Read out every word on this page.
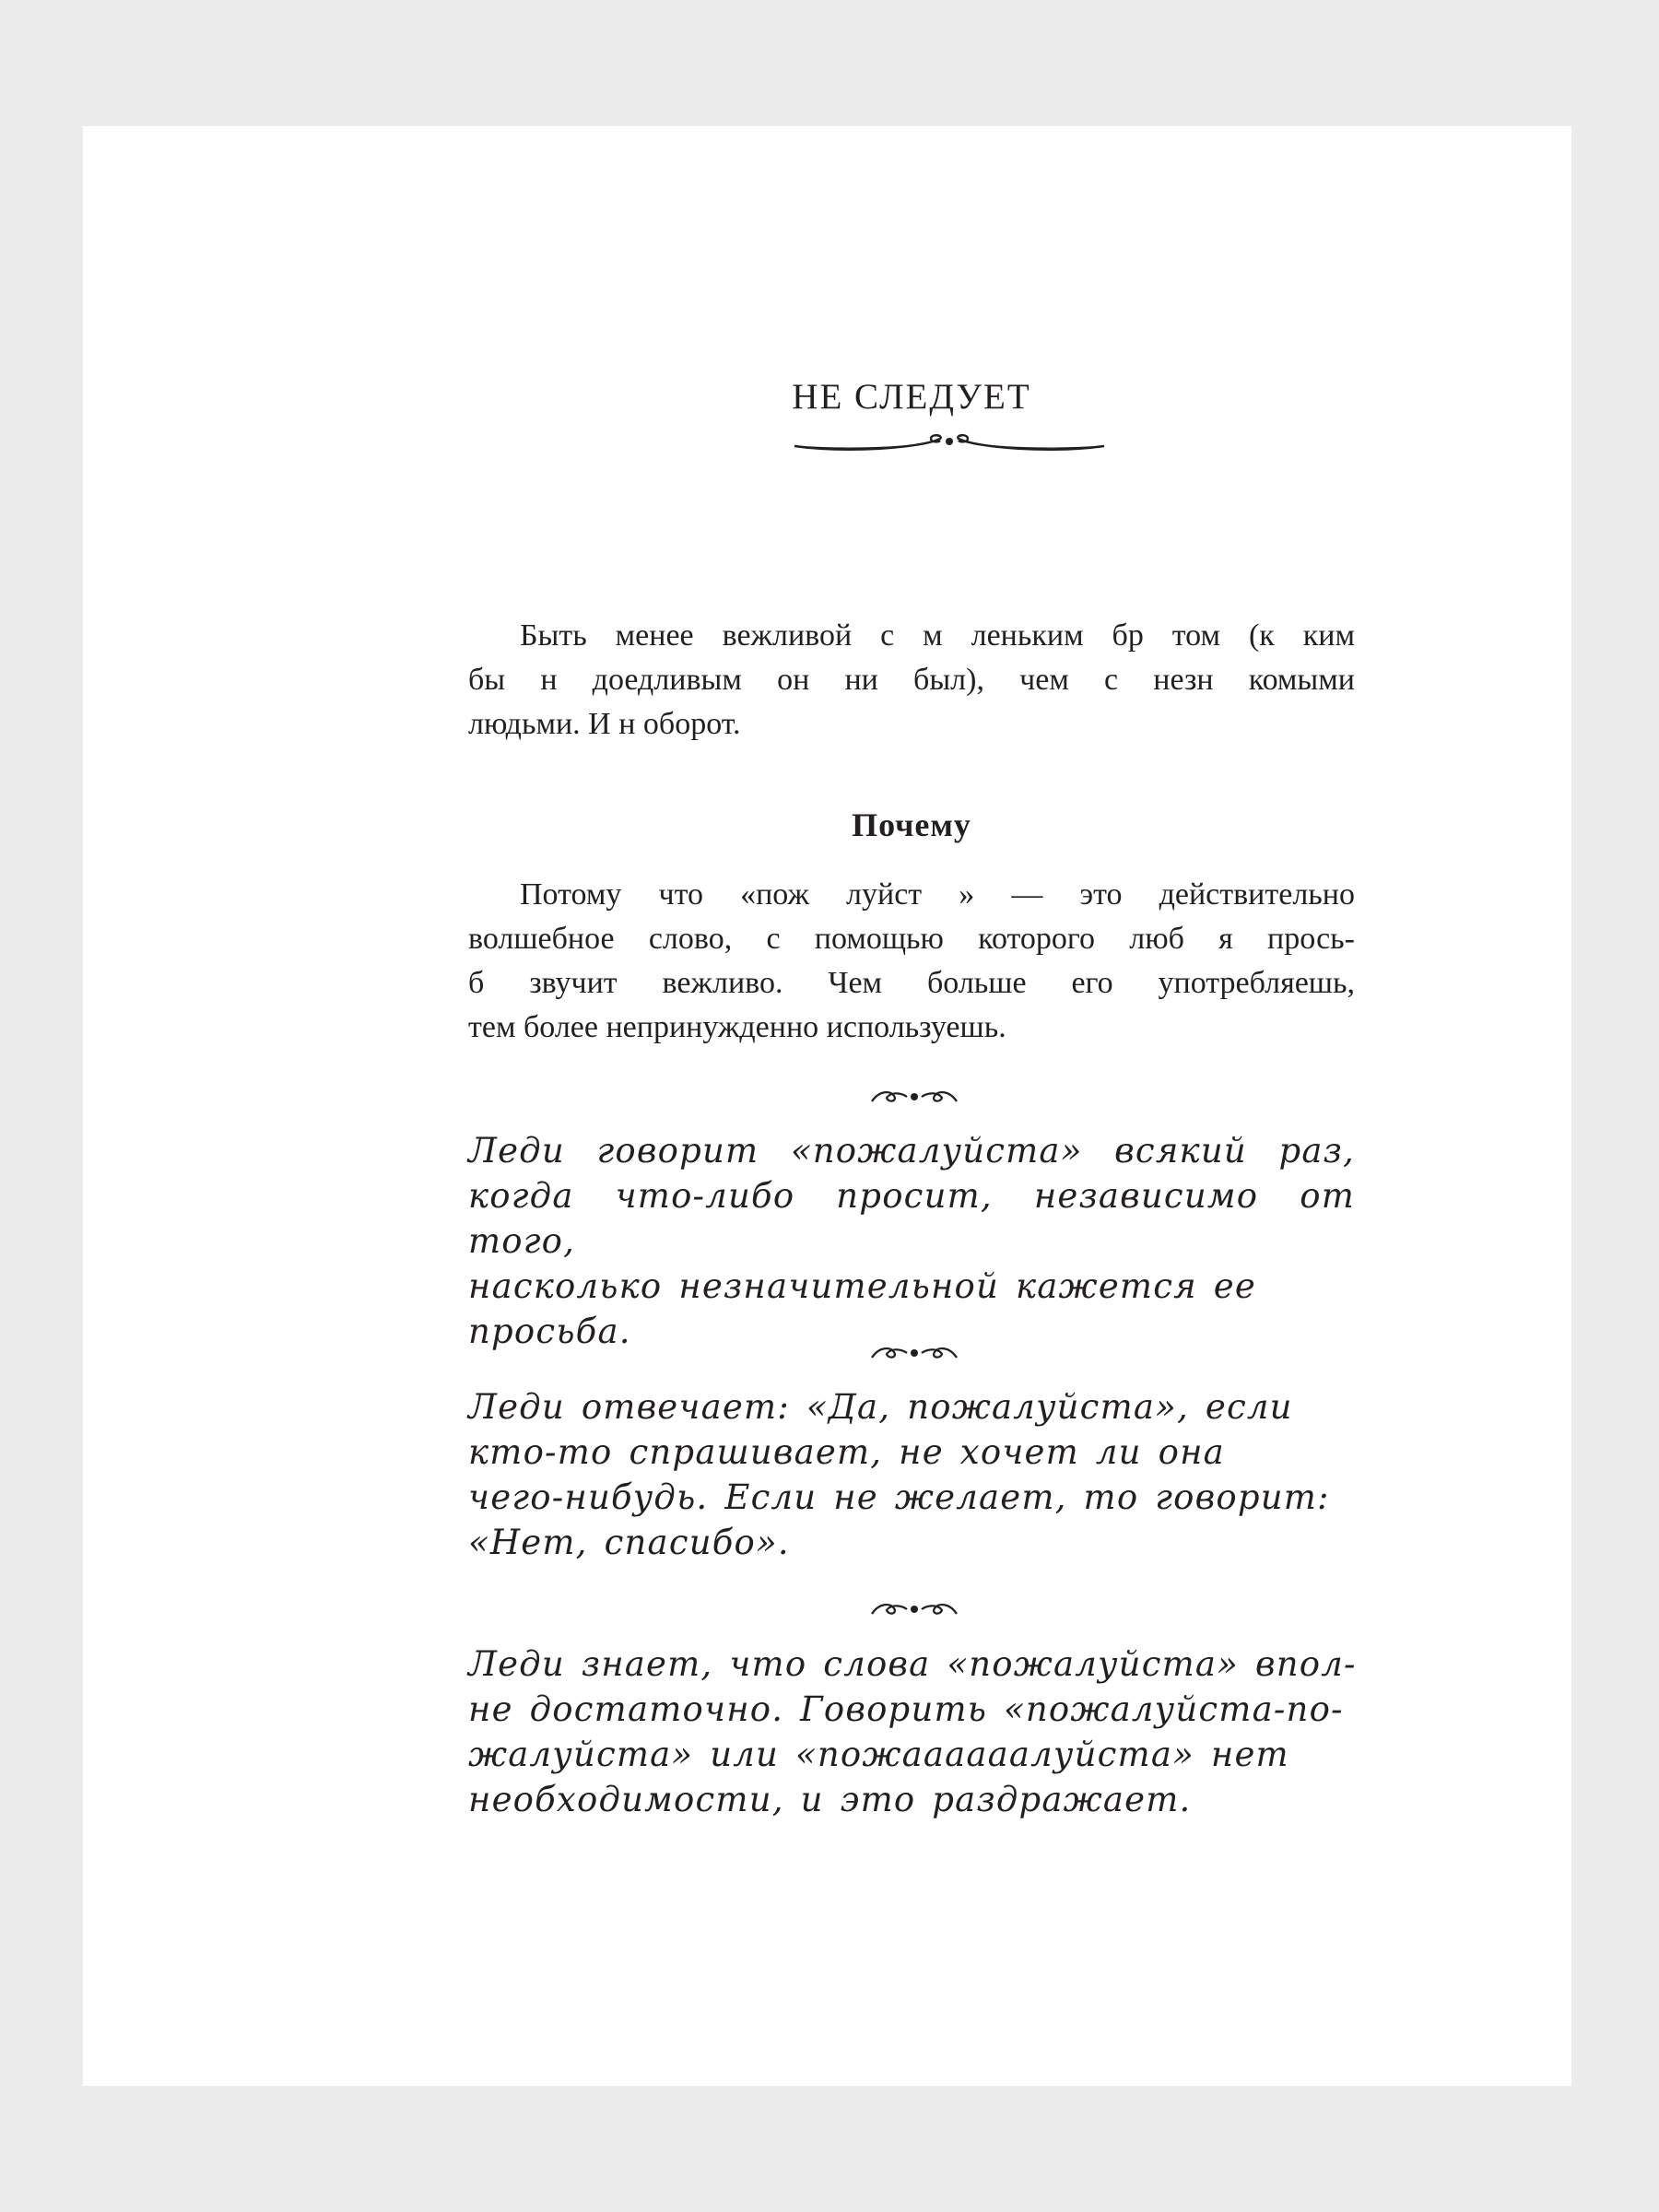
НЕ СЛЕДУЕТ

Быть менее вежливой с м леньким бр том (к ким
бы н доедливым он ни был), чем с незн комыми
людьми. И н оборот.

Почему

Потому что «пож луйст » — это действительно
волшебное слово, с помощью которого люб я прось-
б звучит вежливо. Чем больше его употребляешь,
тем более непринужденно используешь.

Леди говорит «пожалуйста» всякий раз,
когда что-либо просит, независимо от того,
насколько незначительной кажется ее
просьба.

Леди отвечает: «Да, пожалуйста», если
кто-то спрашивает, не хочет ли она
чего-нибудь. Если не желает, то говорит:
«Нет, спасибо».

Леди знает, что слова «пожалуйста» впол-
не достаточно. Говорить «пожалуйста-по-
жалуйста» или «пожаааааалуйста» нет
необходимости, и это раздражает.
